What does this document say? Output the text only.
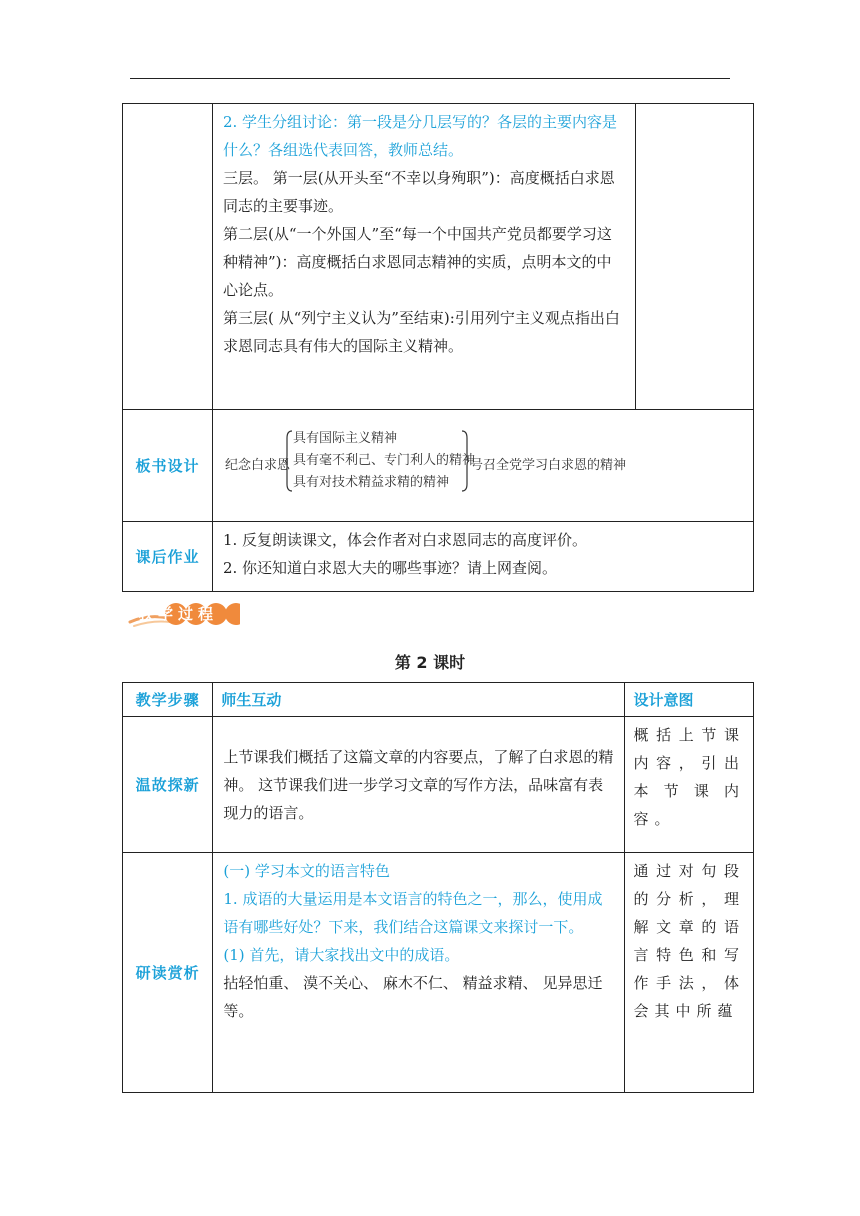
	2. 学生分组讨论：第一段是分几层写的？各层的主要内容是什么？各组选代表回答，教师总结。

三层。 第一层(从开头至“不幸以身殉职”)：高度概括白求恩同志的主要事迹。

第二层(从“一个外国人”至“每一个中国共产党员都要学习这种精神”)：高度概括白求恩同志精神的实质，点明本文的中心论点。

第三层( 从“列宁主义认为”至结束):引用列宁主义观点指出白求恩同志具有伟大的国际主义精神。	

板书设计	纪念白求恩
具有国际主义精神
具有毫不利己、专门利人的精神
具有对技术精益求精的精神
号召全党学习白求恩的精神	

课后作业	1. 反复朗读课文，体会作者对白求恩同志的高度评价。

2. 你还知道白求恩大夫的哪些事迹？请上网查阅。	

教学过程
第 2 课时
教学步骤	师生互动	设计意图
温故探新	上节课我们概括了这篇文章的内容要点，了解了白求恩的精神。 这节课我们进一步学习文章的写作方法，品味富有表现力的语言。	概括上节课内容，引出本节课内容。
研读赏析	(一) 学习本文的语言特色

1. 成语的大量运用是本文语言的特色之一，那么，使用成语有哪些好处？下来，我们结合这篇课文来探讨一下。

(1) 首先，请大家找出文中的成语。

拈轻怕重、 漠不关心、 麻木不仁、 精益求精、 见异思迁等。	通过对句段的分析，理解文章的语言特色和写作手法，体会其中所蕴
